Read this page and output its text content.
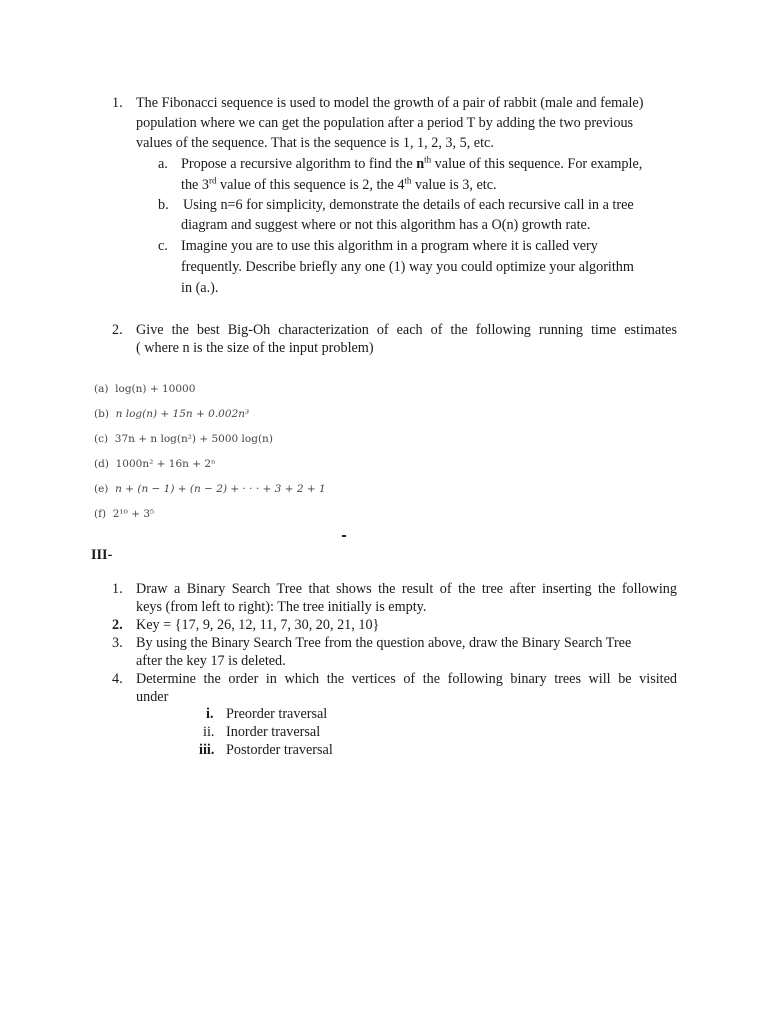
1. The Fibonacci sequence is used to model the growth of a pair of rabbit (male and female)
population where we can get the population after a period T by adding the two previous
values of the sequence. That is the sequence is 1, 1, 2, 3, 5, etc.
a. Propose a recursive algorithm to find the $n^{th}$ value of this sequence. For example,
the 3rd value of this sequence is 2, the 4th value is 3, etc.
b. Using n=6 for simplicity, demonstrate the details of each recursive call in a tree
diagram and suggest where or not this algorithm has a O(n) growth rate.
c. Imagine you are to use this algorithm in a program where it is called very
frequently. Describe briefly any one (1) way you could optimize your algorithm
in (a.).
2. Give the best Big-Oh characterization of each of the following running time estimates
( where n is the size of the input problem)
(a) log(n) + 10000
(b) n log(n) + 15n + 0.002n³
(c) 37n + n log(n²) + 5000 log(n)
(d) 1000n² + 16n + 2ⁿ
(e) n + (n − 1) + (n − 2) + · · · + 3 + 2 + 1
(f) 2¹⁰ + 3⁵
III-
1. Draw a Binary Search Tree that shows the result of the tree after inserting the following
keys (from left to right): The tree initially is empty.
2. Key = {17, 9, 26, 12, 11, 7, 30, 20, 21, 10}
3. By using the Binary Search Tree from the question above, draw the Binary Search Tree
after the key 17 is deleted.
4. Determine the order in which the vertices of the following binary trees will be visited
under
i. Preorder traversal
ii. Inorder traversal
iii. Postorder traversal
